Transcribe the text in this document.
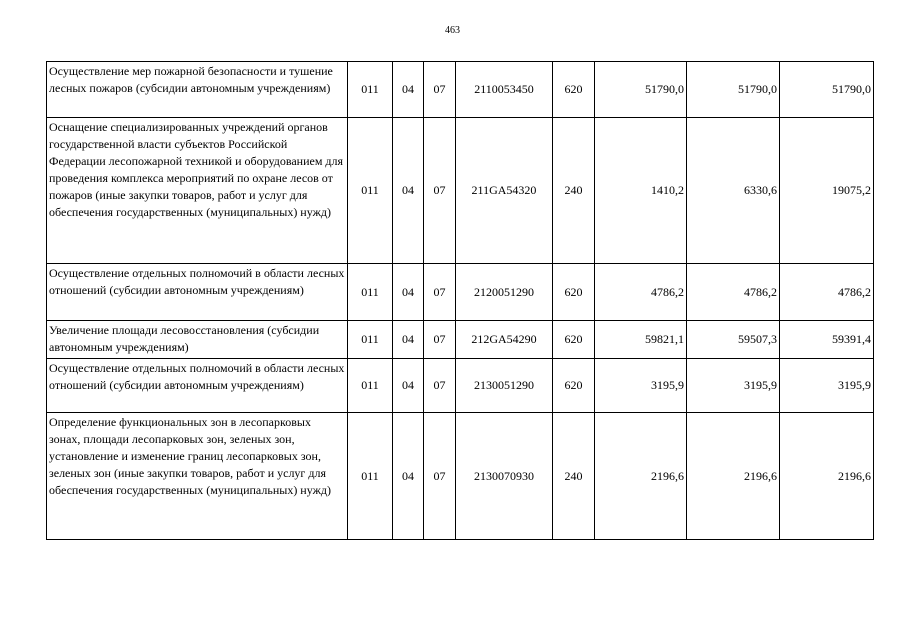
463
Осуществление мер пожарной безопасности и тушение лесных пожаров (субсидии автономным учреждениям)	011	04	07	2110053450	620	51790,0	51790,0	51790,0
Оснащение специализированных учреждений органов государственной власти субъектов Российской Федерации лесопожарной техникой и оборудованием для проведения комплекса мероприятий по охране лесов от пожаров (иные закупки товаров, работ и услуг для обеспечения государственных (муниципальных) нужд)	011	04	07	211GA54320	240	1410,2	6330,6	19075,2
Осуществление отдельных полномочий в области лесных отношений (субсидии автономным учреждениям)	011	04	07	2120051290	620	4786,2	4786,2	4786,2
Увеличение площади лесовосстановления (субсидии автономным учреждениям)	011	04	07	212GA54290	620	59821,1	59507,3	59391,4
Осуществление отдельных полномочий в области лесных отношений (субсидии автономным учреждениям)	011	04	07	2130051290	620	3195,9	3195,9	3195,9
Определение функциональных зон в лесопарковых зонах, площади лесопарковых зон, зеленых зон, установление и изменение границ лесопарковых зон, зеленых зон (иные закупки товаров, работ и услуг для обеспечения государственных (муниципальных) нужд)	011	04	07	2130070930	240	2196,6	2196,6	2196,6
